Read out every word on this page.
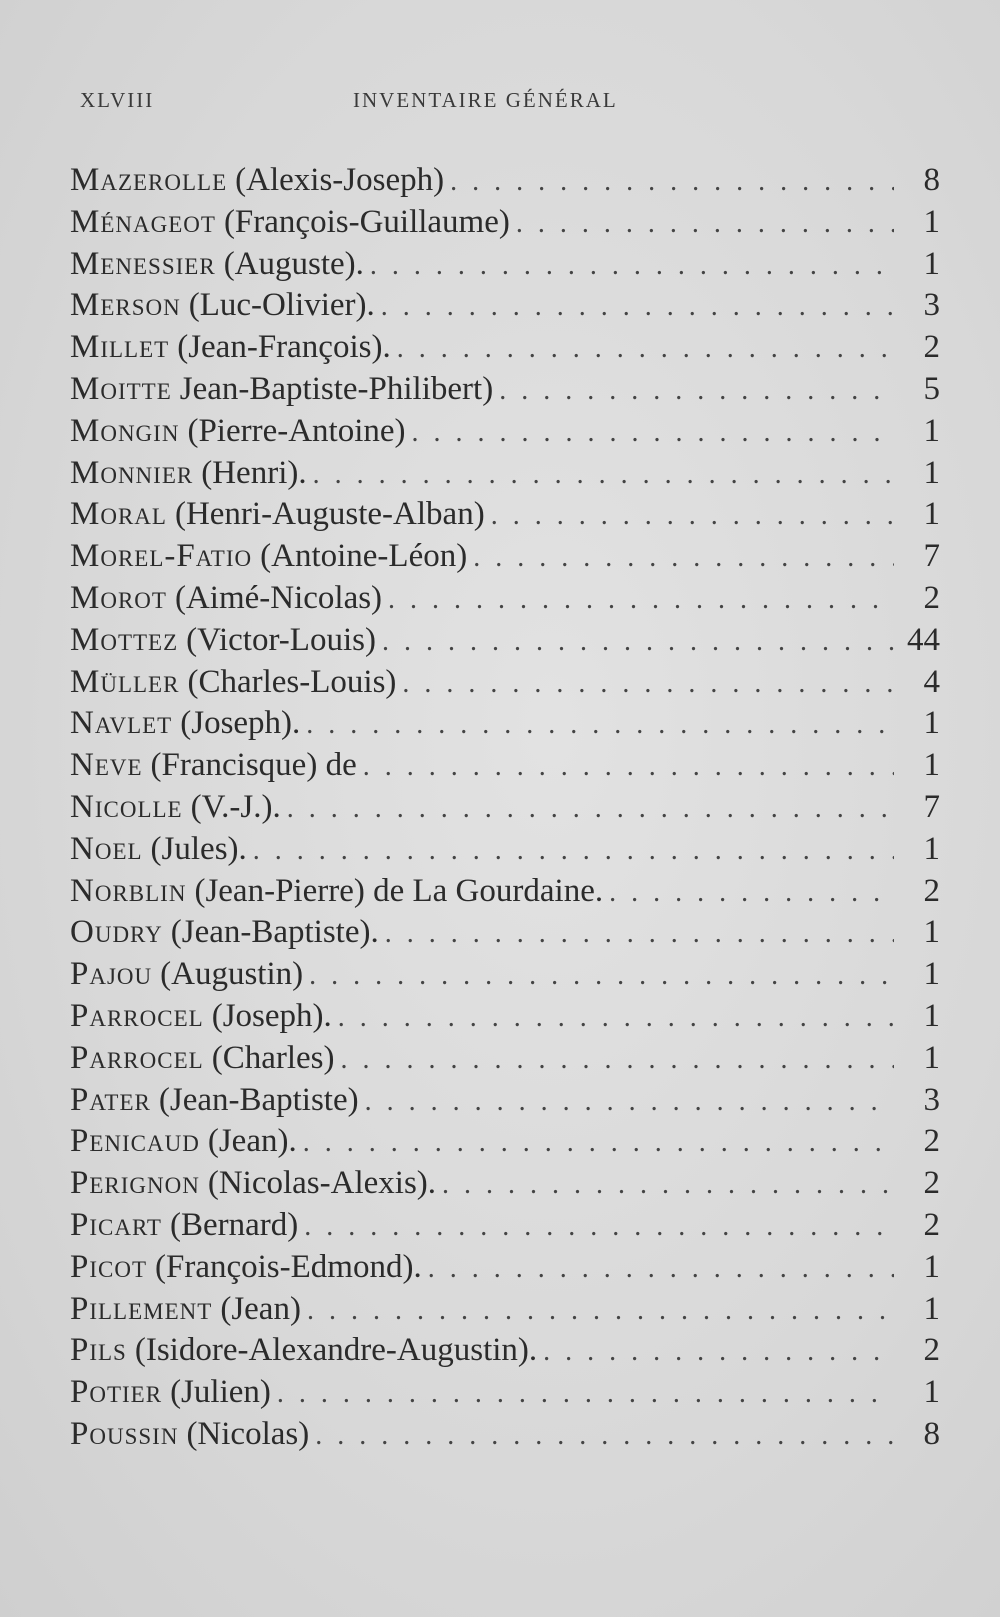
XLVIII	INVENTAIRE GÉNÉRAL
Mazerolle (Alexis-Joseph) . . .	8
Ménageot (François-Guillaume) . . .	1
Menessier (Auguste). . . .	1
Merson (Luc-Olivier). . . .	3
Millet (Jean-François). . . .	2
Moitte Jean-Baptiste-Philibert) . . .	5
Mongin (Pierre-Antoine) . . .	1
Monnier (Henri). . . .	1
Moral (Henri-Auguste-Alban) . . .	1
Morel-Fatio (Antoine-Léon) . . .	7
Morot (Aimé-Nicolas) . . .	2
Mottez (Victor-Louis) . . .	44
Müller (Charles-Louis) . . .	4
Navlet (Joseph). . . .	1
Neve (Francisque) de . . .	1
Nicolle (V.-J.). . . .	7
Noel (Jules). . . .	1
Norblin (Jean-Pierre) de La Gourdaine. . . .	2
Oudry (Jean-Baptiste). . . .	1
Pajou (Augustin) . . .	1
Parrocel (Joseph). . . .	1
Parrocel (Charles) . . .	1
Pater (Jean-Baptiste) . . .	3
Penicaud (Jean). . . .	2
Perignon (Nicolas-Alexis). . . .	2
Picart (Bernard) . . .	2
Picot (François-Edmond). . . .	1
Pillement (Jean) . . .	1
Pils (Isidore-Alexandre-Augustin). . . .	2
Potier (Julien) . . .	1
Poussin (Nicolas) . . .	8
